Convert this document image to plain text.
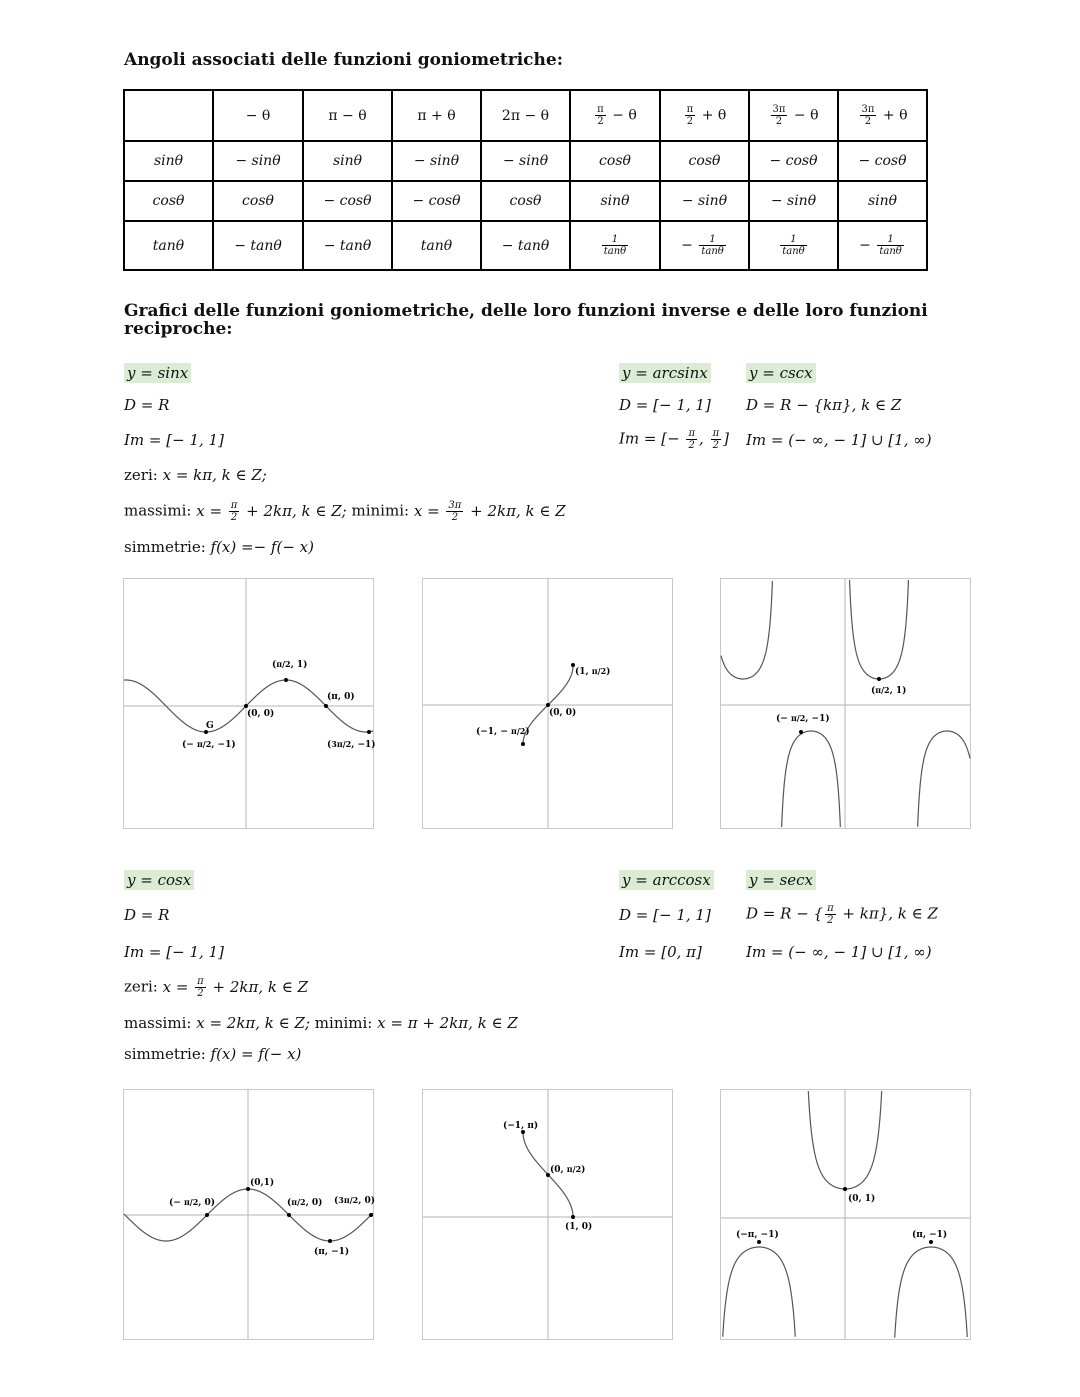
Angoli associati delle funzioni goniometriche:
	− θ	π − θ	π + θ	2π − θ	$\frac{\pi}{2} - \theta$	$\frac{\pi}{2} + \theta$	$\frac{3\pi}{2} - \theta$	$\frac{3\pi}{2} + \theta$
sinθ	− sinθ	sinθ	− sinθ	− sinθ	cosθ	cosθ	− cosθ	− cosθ
cosθ	cosθ	− cosθ	− cosθ	cosθ	sinθ	− sinθ	− sinθ	sinθ
tanθ	− tanθ	− tanθ	tanθ	− tanθ	$\frac{1}{\tan\theta}$	− $\frac{1}{\tan\theta}$	$\frac{1}{\tan\theta}$	− $\frac{1}{\tan\theta}$
Grafici delle funzioni goniometriche, delle loro funzioni inverse e delle loro funzioni
reciproche:
y = sinx
D = R
Im = [− 1, 1]
zeri: x = kπ, k ∈ Z;
massimi: $x = \frac{\pi}{2} + 2k\pi$, k ∈ Z; minimi: $x = \frac{3\pi}{2} + 2k\pi$, k ∈ Z
simmetrie: f(x) =− f(− x)
y = arcsinx
D = [− 1, 1]
Im = [− $\frac{\pi}{2}$ , $\frac{\pi}{2}$ ]
y = cscx
D = R − {kπ}, k ∈ Z
Im = (− ∞, − 1] ∪ [1, ∞)
(π/2, 1)
(π, 0)
(0, 0)
G
(− π/2, −1)	(3π/2, −1)
(1, π/2)
(0, 0)
(−1, − π/2)
(π/2, 1)
(− π/2, −1)
y = cosx
D = R
Im = [− 1, 1]
zeri: $x = \frac{\pi}{2} + 2k\pi$, k ∈ Z
massimi: x = 2kπ, k ∈ Z; minimi: x = π + 2kπ, k ∈ Z
simmetrie: f(x) = f(− x)
y = arccosx
D = [− 1, 1]
Im = [0, π]
y = secx
D = R − { $\frac{\pi}{2} + k\pi$}, k ∈ Z
Im = (− ∞, − 1] ∪ [1, ∞)
(0,1)
(− π/2, 0)	(π/2, 0) (3π/2, 0)
(π, −1)
(−1, π)
(0, π/2)
(1, 0)
(0, 1)
(−π, −1)	(π, −1)
